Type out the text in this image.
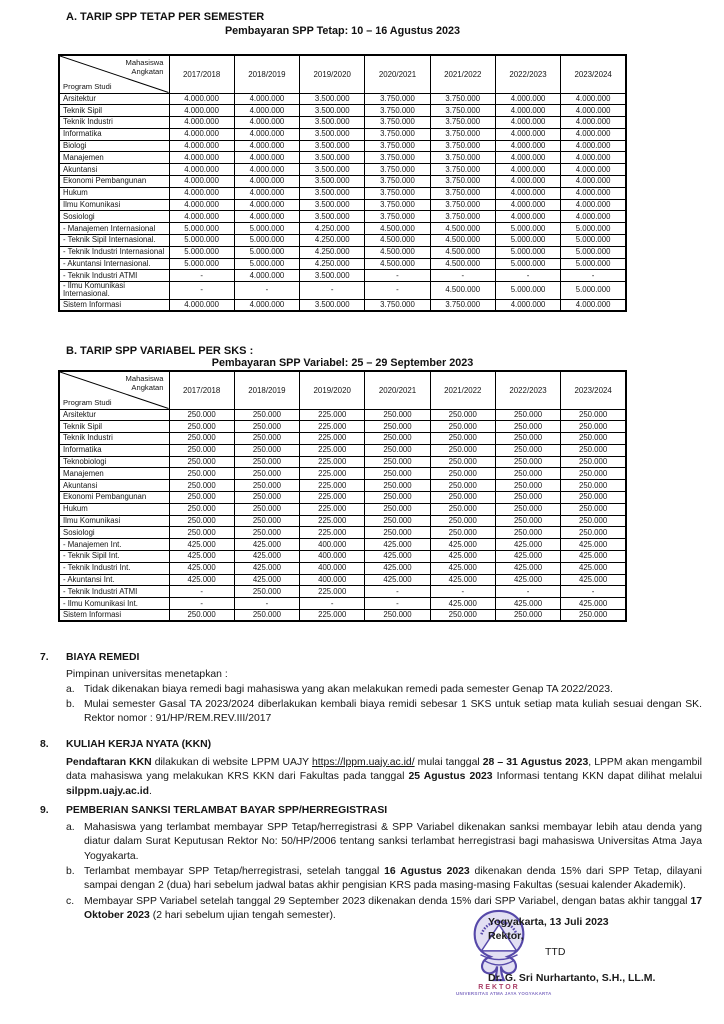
A. TARIP SPP TETAP PER SEMESTER
Pembayaran SPP Tetap: 10 – 16 Agustus 2023
Mahasiswa
Angkatan
Program Studi	2017/2018	2018/2019	2019/2020	2020/2021	2021/2022	2022/2023	2023/2024
Arsitektur	4.000.000	4.000.000	3.500.000	3.750.000	3.750.000	4.000.000	4.000.000
Teknik Sipil	4.000.000	4.000.000	3.500.000	3.750.000	3.750.000	4.000.000	4.000.000
Teknik Industri	4.000.000	4.000.000	3.500.000	3.750.000	3.750.000	4.000.000	4.000.000
Informatika	4.000.000	4.000.000	3.500.000	3.750.000	3.750.000	4.000.000	4.000.000
Biologi	4.000.000	4.000.000	3.500.000	3.750.000	3.750.000	4.000.000	4.000.000
Manajemen	4.000.000	4.000.000	3.500.000	3.750.000	3.750.000	4.000.000	4.000.000
Akuntansi	4.000.000	4.000.000	3.500.000	3.750.000	3.750.000	4.000.000	4.000.000
Ekonomi Pembangunan	4.000.000	4.000.000	3.500.000	3.750.000	3.750.000	4.000.000	4.000.000
Hukum	4.000.000	4.000.000	3.500.000	3.750.000	3.750.000	4.000.000	4.000.000
Ilmu Komunikasi	4.000.000	4.000.000	3.500.000	3.750.000	3.750.000	4.000.000	4.000.000
Sosiologi	4.000.000	4.000.000	3.500.000	3.750.000	3.750.000	4.000.000	4.000.000
- Manajemen Internasional	5.000.000	5.000.000	4.250.000	4.500.000	4.500.000	5.000.000	5.000.000
- Teknik Sipil Internasional.	5.000.000	5.000.000	4.250.000	4.500.000	4.500.000	5.000.000	5.000.000
- Teknik Industri Internasional	5.000.000	5.000.000	4.250.000	4.500.000	4.500.000	5.000.000	5.000.000
- Akuntansi Internasional.	5.000.000	5.000.000	4.250.000	4.500.000	4.500.000	5.000.000	5.000.000
- Teknik Industri ATMI	-	4.000.000	3.500.000	-	-	-	-
- Ilmu Komunikasi Internasional.	-	-	-	-	4.500.000	5.000.000	5.000.000
Sistem Informasi	4.000.000	4.000.000	3.500.000	3.750.000	3.750.000	4.000.000	4.000.000
B. TARIP SPP VARIABEL PER SKS :
Pembayaran SPP Variabel: 25 – 29 September 2023
Mahasiswa
Angkatan
Program Studi	2017/2018	2018/2019	2019/2020	2020/2021	2021/2022	2022/2023	2023/2024
Arsitektur	250.000	250.000	225.000	250.000	250.000	250.000	250.000
Teknik Sipil	250.000	250.000	225.000	250.000	250.000	250.000	250.000
Teknik Industri	250.000	250.000	225.000	250.000	250.000	250.000	250.000
Informatika	250.000	250.000	225.000	250.000	250.000	250.000	250.000
Teknobiologi	250.000	250.000	225.000	250.000	250.000	250.000	250.000
Manajemen	250.000	250.000	225.000	250.000	250.000	250.000	250.000
Akuntansi	250.000	250.000	225.000	250.000	250.000	250.000	250.000
Ekonomi Pembangunan	250.000	250.000	225.000	250.000	250.000	250.000	250.000
Hukum	250.000	250.000	225.000	250.000	250.000	250.000	250.000
Ilmu Komunikasi	250.000	250.000	225.000	250.000	250.000	250.000	250.000
Sosiologi	250.000	250.000	225.000	250.000	250.000	250.000	250.000
- Manajemen Int.	425.000	425.000	400.000	425.000	425.000	425.000	425.000
- Teknik Sipil Int.	425.000	425.000	400.000	425.000	425.000	425.000	425.000
- Teknik Industri Int.	425.000	425.000	400.000	425.000	425.000	425.000	425.000
- Akuntansi Int.	425.000	425.000	400.000	425.000	425.000	425.000	425.000
- Teknik Industri ATMI	-	250.000	225.000	-	-	-	-
- Ilmu Komunikasi Int.	-	-	-	-	425.000	425.000	425.000
Sistem Informasi	250.000	250.000	225.000	250.000	250.000	250.000	250.000
7.	BIAYA REMEDI
Pimpinan universitas menetapkan :
a. Tidak dikenakan biaya remedi bagi mahasiswa yang akan melakukan remedi pada semester Genap TA 2022/2023.
b. Mulai semester Gasal TA 2023/2024 diberlakukan kembali biaya remidi sebesar 1 SKS untuk setiap mata kuliah sesuai dengan SK. Rektor nomor : 91/HP/REM.REV.III/2017
8.	KULIAH KERJA NYATA (KKN)
Pendaftaran KKN dilakukan di website LPPM UAJY https://lppm.uajy.ac.id/ mulai tanggal 28 – 31 Agustus 2023, LPPM akan mengambil data mahasiswa yang melakukan KRS KKN dari Fakultas pada tanggal 25 Agustus 2023 Informasi tentang KKN dapat dilihat melalui silppm.uajy.ac.id.
9.	PEMBERIAN SANKSI TERLAMBAT BAYAR SPP/HERREGISTRASI
a. Mahasiswa yang terlambat membayar SPP Tetap/herregistrasi & SPP Variabel dikenakan sanksi membayar lebih atau denda yang diatur dalam Surat Keputusan Rektor No: 50/HP/2006 tentang sanksi terlambat herregistrasi bagi mahasiswa Universitas Atma Jaya Yogyakarta.
b. Terlambat membayar SPP Tetap/herregistrasi, setelah tanggal 16 Agustus 2023 dikenakan denda 15% dari SPP Tetap, dilayani sampai dengan 2 (dua) hari sebelum jadwal batas akhir pengisian KRS pada masing-masing Fakultas (sesuai kalender Akademik).
c. Membayar SPP Variabel setelah tanggal 29 September 2023 dikenakan denda 15% dari SPP Variabel, dengan batas akhir tanggal 17 Oktober 2023 (2 hari sebelum ujian tengah semester).
REKTOR
UNIVERSITAS ATMA JAYA YOGYAKARTA
Yogyakarta, 13 Juli 2023
Rektor,
TTD
Dr. G. Sri Nurhartanto, S.H., LL.M.
